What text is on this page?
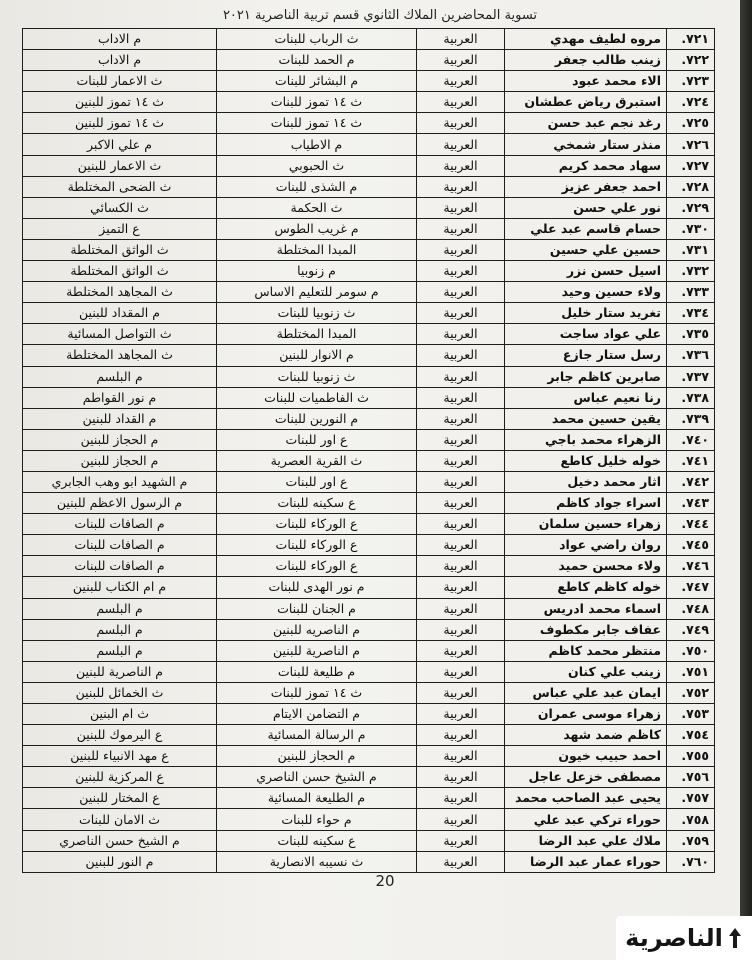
تسوية المحاضرين الملاك الثانوي قسم تربية الناصرية ٢٠٢١
٧٢١.	مروه لطيف مهدي	العربية	ث الرباب للبنات	م الاداب
٧٢٢.	زينب طالب جعفر	العربية	م الحمد للبنات	م الاداب
٧٢٣.	الاء محمد عبود	العربية	م البشائر للبنات	ث الاعمار للبنات
٧٢٤.	استبرق رياض عطشان	العربية	ث ١٤ تموز للبنات	ث ١٤ تموز للبنين
٧٢٥.	رغد نجم عبد حسن	العربية	ث ١٤ تموز للبنات	ث ١٤ تموز للبنين
٧٢٦.	منذر ستار شمخي	العربية	م الاطياب	م علي الاكبر
٧٢٧.	سهاد محمد كريم	العربية	ث الحبوبي	ث الاعمار للبنين
٧٢٨.	احمد جعفر عزيز	العربية	م الشذى للبنات	ث الضحى المختلطة
٧٢٩.	نور علي حسن	العربية	ث الحكمة	ث الكسائي
٧٣٠.	حسام قاسم عبد علي	العربية	م غريب الطوس	ع التميز
٧٣١.	حسين علي حسين	العربية	المبدا المختلطة	ث الواثق المختلطة
٧٣٢.	اسيل حسن نزر	العربية	م زنوبيا	ث الواثق المختلطة
٧٣٣.	ولاء حسين وحيد	العربية	م سومر للتعليم الاساس	ث المجاهد المختلطة
٧٣٤.	تغريد ستار خليل	العربية	ث زنوبيا للبنات	م المقداد للبنين
٧٣٥.	علي عواد ساجت	العربية	المبدا المختلطة	ث التواصل المسائية
٧٣٦.	رسل ستار جازع	العربية	م الانوار للبنين	ث المجاهد المختلطة
٧٣٧.	صابرين كاظم جابر	العربية	ث زنوبيا للبنات	م البلسم
٧٣٨.	رنا نعيم عباس	العربية	ث الفاطميات للبنات	م نور القواطم
٧٣٩.	يقين حسين محمد	العربية	م النورين للبنات	م القداد للبنين
٧٤٠.	الزهراء محمد باجي	العربية	ع اور للبنات	م الحجاز للبنين
٧٤١.	خوله خليل كاطع	العربية	ث القرية العصرية	م الحجاز للبنين
٧٤٢.	اثار محمد دخيل	العربية	ع اور للبنات	م الشهيد ابو وهب الجابري
٧٤٣.	اسراء جواد كاظم	العربية	ع سكينه للبنات	م الرسول الاعظم للبنين
٧٤٤.	زهراء حسين سلمان	العربية	ع الوركاء للبنات	م الصافات للبنات
٧٤٥.	روان راضي عواد	العربية	ع الوركاء للبنات	م الصافات للبنات
٧٤٦.	ولاء محسن حميد	العربية	ع الوركاء للبنات	م الصافات للبنات
٧٤٧.	خوله كاظم كاطع	العربية	م نور الهدى للبنات	م ام الكتاب للبنين
٧٤٨.	اسماء محمد ادريس	العربية	م الجنان للبنات	م البلسم
٧٤٩.	عفاف جابر مكطوف	العربية	م الناصريه للبنين	م البلسم
٧٥٠.	منتظر محمد كاظم	العربية	م الناصرية للبنين	م البلسم
٧٥١.	زينب علي كنان	العربية	م طليعة للبنات	م الناصرية للبنين
٧٥٢.	ايمان عبد علي عباس	العربية	ث ١٤ تموز للبنات	ث الخمائل للبنين
٧٥٣.	زهراء موسى عمران	العربية	م التضامن الايتام	ث ام البنين
٧٥٤.	كاظم ضمد شهد	العربية	م الرسالة المسائية	ع اليرموك للبنين
٧٥٥.	احمد حبيب خيون	العربية	م الحجاز للبنين	ع مهد الانبياء للبنين
٧٥٦.	مصطفى خزعل عاجل	العربية	م الشيخ حسن الناصري	ع المركزية للبنين
٧٥٧.	يحيى عبد الصاحب محمد	العربية	م الطليعة المسائية	ع المختار للبنين
٧٥٨.	حوراء تركي عبد علي	العربية	م حواء للبنات	ث الامان للبنات
٧٥٩.	ملاك علي عبد الرضا	العربية	ع سكينه للبنات	م الشيخ حسن الناصري
٧٦٠.	حوراء عمار عبد الرضا	العربية	ث نسيبه الانصارية	م النور للبنين
20
الناصرية
